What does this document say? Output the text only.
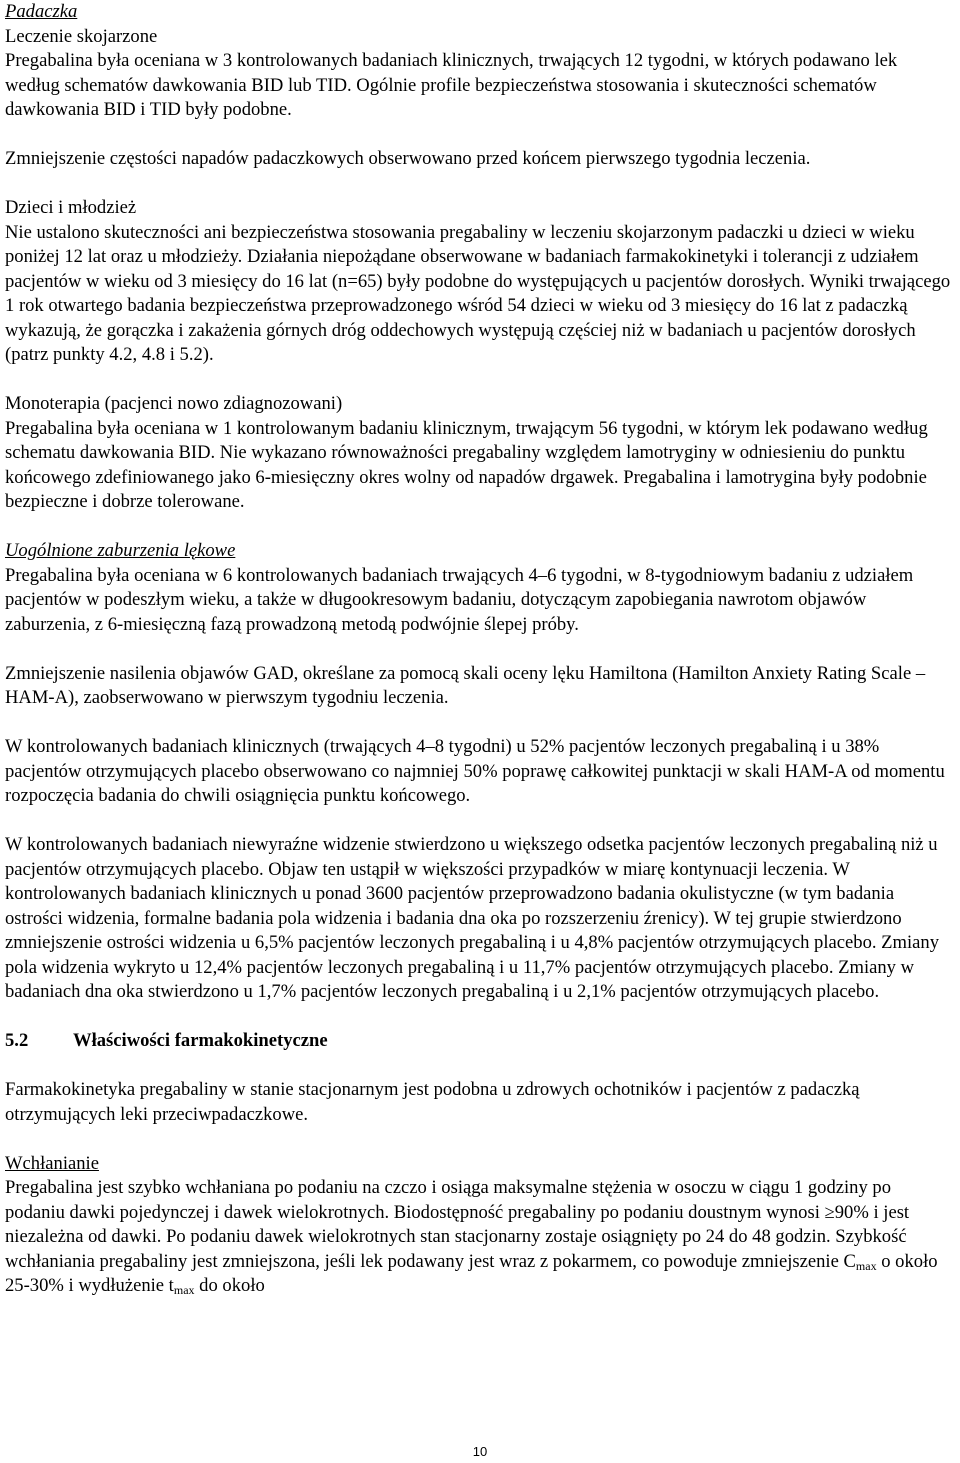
Padaczka

Leczenie skojarzone

Pregabalina była oceniana w 3 kontrolowanych badaniach klinicznych, trwających 12 tygodni, w których podawano lek według schematów dawkowania BID lub TID. Ogólnie profile bezpieczeństwa stosowania i skuteczności schematów dawkowania BID i TID były podobne.

Zmniejszenie częstości napadów padaczkowych obserwowano przed końcem pierwszego tygodnia leczenia.

Dzieci i młodzież

Nie ustalono skuteczności ani bezpieczeństwa stosowania pregabaliny w leczeniu skojarzonym padaczki u dzieci w wieku poniżej 12 lat oraz u młodzieży. Działania niepożądane obserwowane w badaniach farmakokinetyki i tolerancji z udziałem pacjentów w wieku od 3 miesięcy do 16 lat (n=65) były podobne do występujących u pacjentów dorosłych. Wyniki trwającego 1 rok otwartego badania bezpieczeństwa przeprowadzonego wśród 54 dzieci w wieku od 3 miesięcy do 16 lat z padaczką wykazują, że gorączka i zakażenia górnych dróg oddechowych występują częściej niż w badaniach u pacjentów dorosłych (patrz punkty 4.2, 4.8 i 5.2).

Monoterapia (pacjenci nowo zdiagnozowani)

Pregabalina była oceniana w 1 kontrolowanym badaniu klinicznym, trwającym 56 tygodni, w którym lek podawano według schematu dawkowania BID. Nie wykazano równoważności pregabaliny względem lamotryginy w odniesieniu do punktu końcowego zdefiniowanego jako 6-miesięczny okres wolny od napadów drgawek. Pregabalina i lamotrygina były podobnie bezpieczne i dobrze tolerowane.

Uogólnione zaburzenia lękowe

Pregabalina była oceniana w 6 kontrolowanych badaniach trwających 4–6 tygodni, w 8-tygodniowym badaniu z udziałem pacjentów w podeszłym wieku, a także w długookresowym badaniu, dotyczącym zapobiegania nawrotom objawów zaburzenia, z 6-miesięczną fazą prowadzoną metodą podwójnie ślepej próby.

Zmniejszenie nasilenia objawów GAD, określane za pomocą skali oceny lęku Hamiltona (Hamilton Anxiety Rating Scale – HAM-A), zaobserwowano w pierwszym tygodniu leczenia.

W kontrolowanych badaniach klinicznych (trwających 4–8 tygodni) u 52% pacjentów leczonych pregabaliną i u 38% pacjentów otrzymujących placebo obserwowano co najmniej 50% poprawę całkowitej punktacji w skali HAM-A od momentu rozpoczęcia badania do chwili osiągnięcia punktu końcowego.

W kontrolowanych badaniach niewyraźne widzenie stwierdzono u większego odsetka pacjentów leczonych pregabaliną niż u pacjentów otrzymujących placebo. Objaw ten ustąpił w większości przypadków w miarę kontynuacji leczenia. W kontrolowanych badaniach klinicznych u ponad 3600 pacjentów przeprowadzono badania okulistyczne (w tym badania ostrości widzenia, formalne badania pola widzenia i badania dna oka po rozszerzeniu źrenicy). W tej grupie stwierdzono zmniejszenie ostrości widzenia u 6,5% pacjentów leczonych pregabaliną i u 4,8% pacjentów otrzymujących placebo. Zmiany pola widzenia wykryto u 12,4% pacjentów leczonych pregabaliną i u 11,7% pacjentów otrzymujących placebo. Zmiany w badaniach dna oka stwierdzono u 1,7% pacjentów leczonych pregabaliną i u 2,1% pacjentów otrzymujących placebo.

5.2 Właściwości farmakokinetyczne

Farmakokinetyka pregabaliny w stanie stacjonarnym jest podobna u zdrowych ochotników i pacjentów z padaczką otrzymujących leki przeciwpadaczkowe.

Wchłanianie

Pregabalina jest szybko wchłaniana po podaniu na czczo i osiąga maksymalne stężenia w osoczu w ciągu 1 godziny po podaniu dawki pojedynczej i dawek wielokrotnych. Biodostępność pregabaliny po podaniu doustnym wynosi ≥90% i jest niezależna od dawki. Po podaniu dawek wielokrotnych stan stacjonarny zostaje osiągnięty po 24 do 48 godzin. Szybkość wchłaniania pregabaliny jest zmniejszona, jeśli lek podawany jest wraz z pokarmem, co powoduje zmniejszenie $C_{max}$ o około 25-30% i wydłużenie $t_{max}$ do około

10
